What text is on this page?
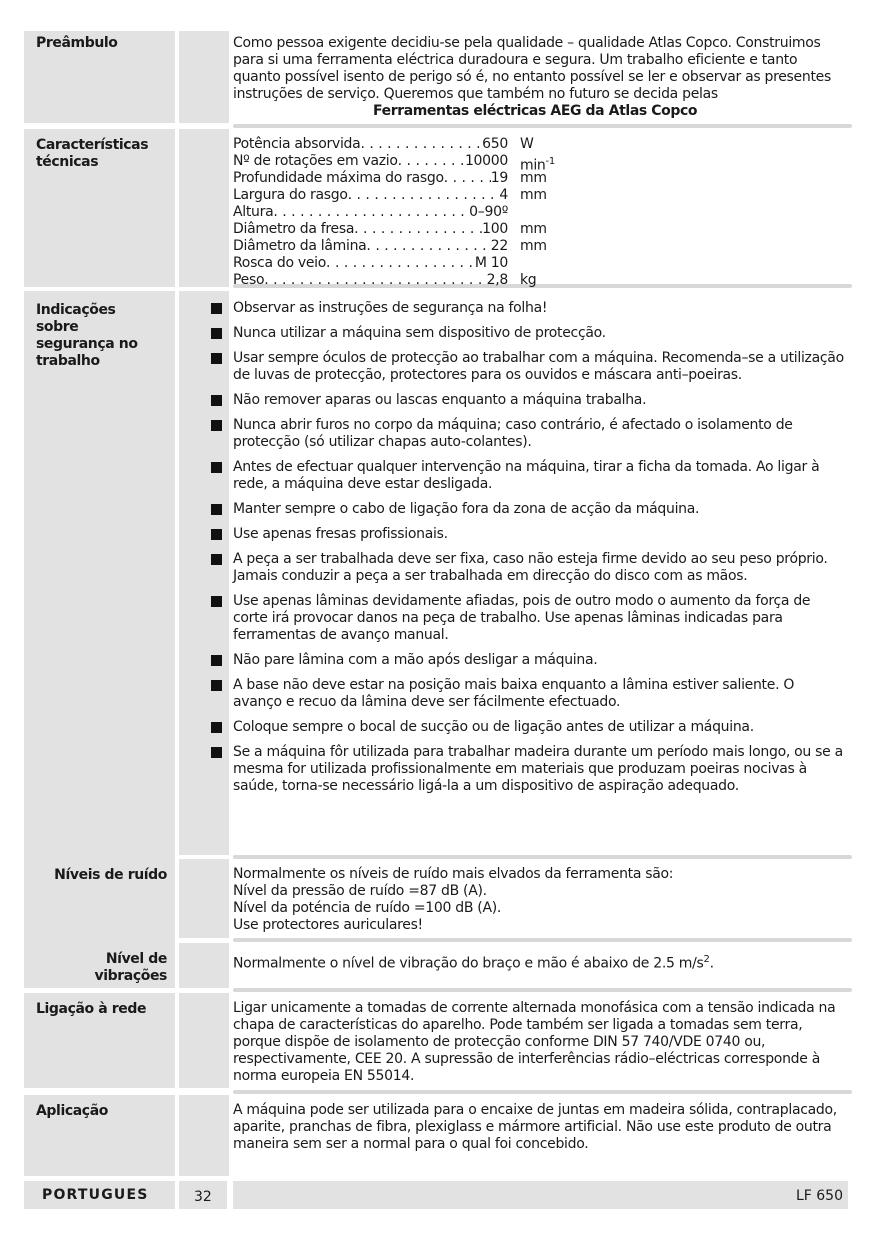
Preâmbulo	Como pessoa exigente decidiu-se pela qualidade – qualidade Atlas Copco. Construimos para si uma ferramenta eléctrica duradoura e segura. Um trabalho eficiente e tanto quanto possível isento de perigo só é, no entanto possível se ler e observar as presentes instruções de serviço. Queremos que também no futuro se decida pelas Ferramentas eléctricas AEG da Atlas Copco
Características técnicas
Potência absorvida . . .	650 W
Nº de rotações em vazio . . .	10000 $\min^{-1}$
Profundidade máxima do rasgo . . .	19 mm
Largura do rasgo . . .	4 mm
Altura . . .	0–90º
Diâmetro da fresa . . .	100 mm
Diâmetro da lâmina . . .	22 mm
Rosca do veio . . .	M 10
Peso . . .	2,8 kg
Indicações sobre segurança no trabalho
Observar as instruções de segurança na folha!
Nunca utilizar a máquina sem dispositivo de protecção.
Usar sempre óculos de protecção ao trabalhar com a máquina. Recomenda–se a utilização de luvas de protecção, protectores para os ouvidos e máscara anti–poeiras.
Não remover aparas ou lascas enquanto a máquina trabalha.
Nunca abrir furos no corpo da máquina; caso contrário, é afectado o isolamento de protecção (só utilizar chapas auto-colantes).
Antes de efectuar qualquer intervenção na máquina, tirar a ficha da tomada. Ao ligar à rede, a máquina deve estar desligada.
Manter sempre o cabo de ligação fora da zona de acção da máquina.
Use apenas fresas profissionais.
A peça a ser trabalhada deve ser fixa, caso não esteja firme devido ao seu peso próprio. Jamais conduzir a peça a ser trabalhada em direcção do disco com as mãos.
Use apenas lâminas devidamente afiadas, pois de outro modo o aumento da força de corte irá provocar danos na peça de trabalho. Use apenas lâminas indicadas para ferramentas de avanço manual.
Não pare lâmina com a mão após desligar a máquina.
A base não deve estar na posição mais baixa enquanto a lâmina estiver saliente. O avanço e recuo da lâmina deve ser fácilmente efectuado.
Coloque sempre o bocal de sucção ou de ligação antes de utilizar a máquina.
Se a máquina fôr utilizada para trabalhar madeira durante um período mais longo, ou se a mesma for utilizada profissionalmente em materiais que produzam poeiras nocivas à saúde, torna-se necessário ligá-la a um dispositivo de aspiração adequado.
Níveis de ruído	Normalmente os níveis de ruído mais elvados da ferramenta são:
Nível da pressão de ruído =87 dB (A).
Nível da poténcia de ruído =100 dB (A).
Use protectores auriculares!
Nível de
vibrações
Normalmente o nível de vibração do braço e mão é abaixo de 2.5 $m/s^2$.
Ligação à rede	Ligar unicamente a tomadas de corrente alternada monofásica com a tensão indicada na chapa de características do aparelho. Pode também ser ligada a tomadas sem terra, porque dispõe de isolamento de protecção conforme DIN 57 740/VDE 0740 ou, respectivamente, CEE 20. A supressão de interferências rádio–eléctricas corresponde à norma europeia EN 55014.
Aplicação	A máquina pode ser utilizada para o encaixe de juntas em madeira sólida, contraplacado, aparite, pranchas de fibra, plexiglass e mármore artificial. Não use este produto de outra maneira sem ser a normal para o qual foi concebido.
PORTUGUES	32	LF 650
